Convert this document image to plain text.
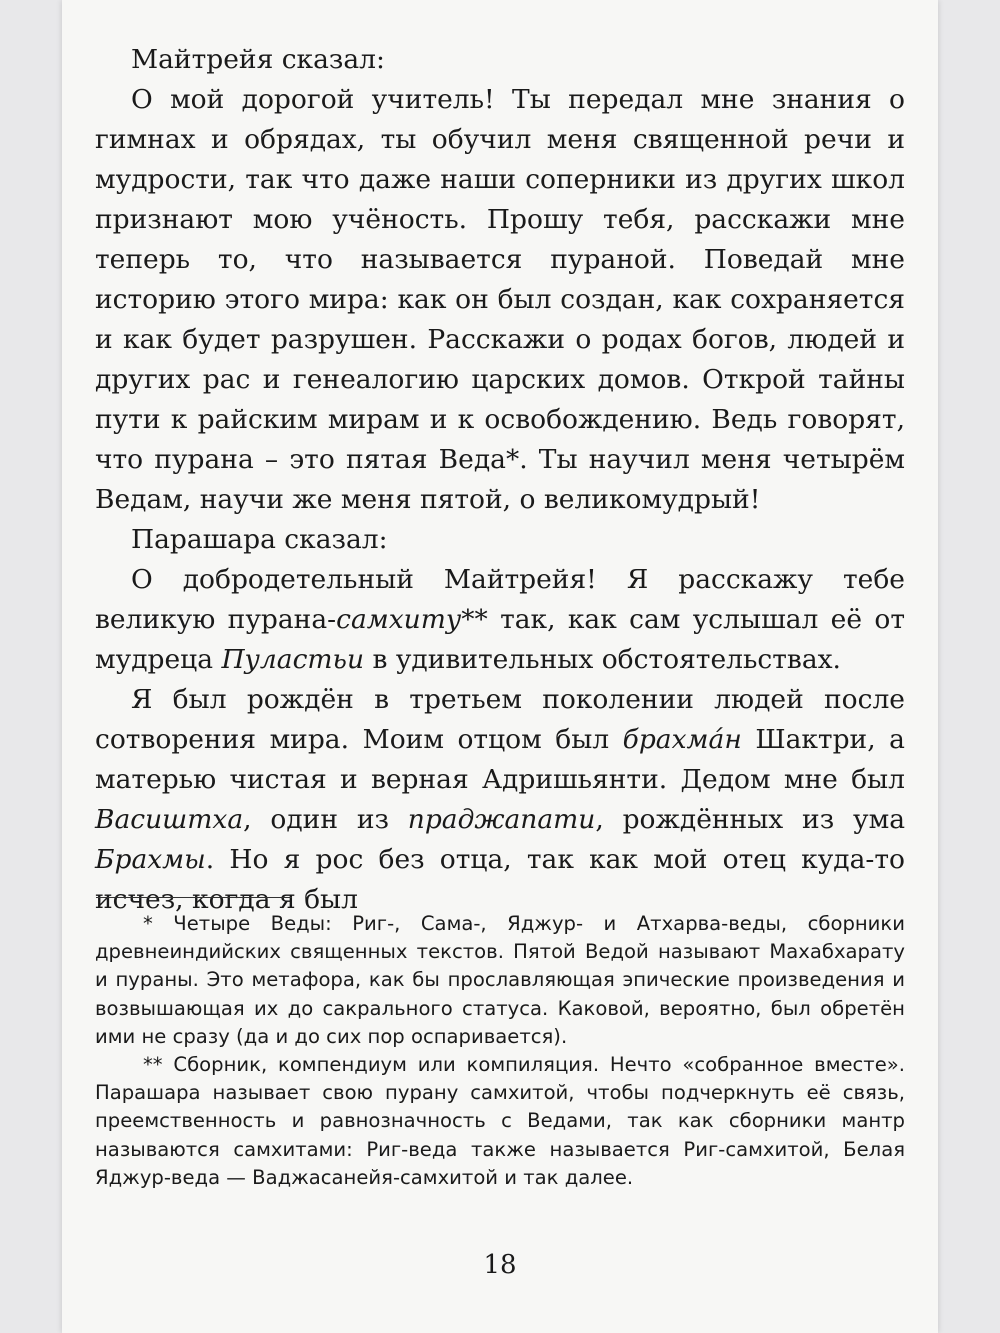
Майтрейя сказал:

О мой дорогой учитель! Ты передал мне знания о гимнах и обрядах, ты обучил меня священной речи и мудрости, так что даже наши соперники из других школ признают мою учёность. Прошу тебя, расскажи мне теперь то, что называется пураной. Поведай мне историю этого мира: как он был создан, как сохраняется и как будет разрушен. Расскажи о родах богов, людей и других рас и генеалогию царских домов. Открой тайны пути к райским мирам и к освобождению. Ведь говорят, что пурана – это пятая Веда*. Ты научил меня четырём Ведам, научи же меня пятой, о великомудрый!

Парашара сказал:

О добродетельный Майтрейя! Я расскажу тебе великую пурана-самхиту** так, как сам услышал её от мудреца Пуластьи в удивительных обстоятельствах.

Я был рождён в третьем поколении людей после сотворения мира. Моим отцом был брахма́н Шактри, а матерью чистая и верная Адришьянти. Дедом мне был Васиштха, один из праджапати, рождённых из ума Брахмы. Но я рос без отца, так как мой отец куда-то исчез, когда я был

* Четыре Веды: Риг-, Сама-, Яджур- и Атхарва-веды, сборники древнеиндийских священных текстов. Пятой Ведой называют Махабхарату и пураны. Это метафора, как бы прославляющая эпические произведения и возвышающая их до сакрального статуса. Каковой, вероятно, был обретён ими не сразу (да и до сих пор оспаривается).

** Сборник, компендиум или компиляция. Нечто «собранное вместе». Парашара называет свою пурану самхитой, чтобы подчеркнуть её связь, преемственность и равнозначность с Ведами, так как сборники мантр называются самхитами: Риг-веда также называется Риг-самхитой, Белая Яджур-веда — Ваджасанейя-самхитой и так далее.

18
